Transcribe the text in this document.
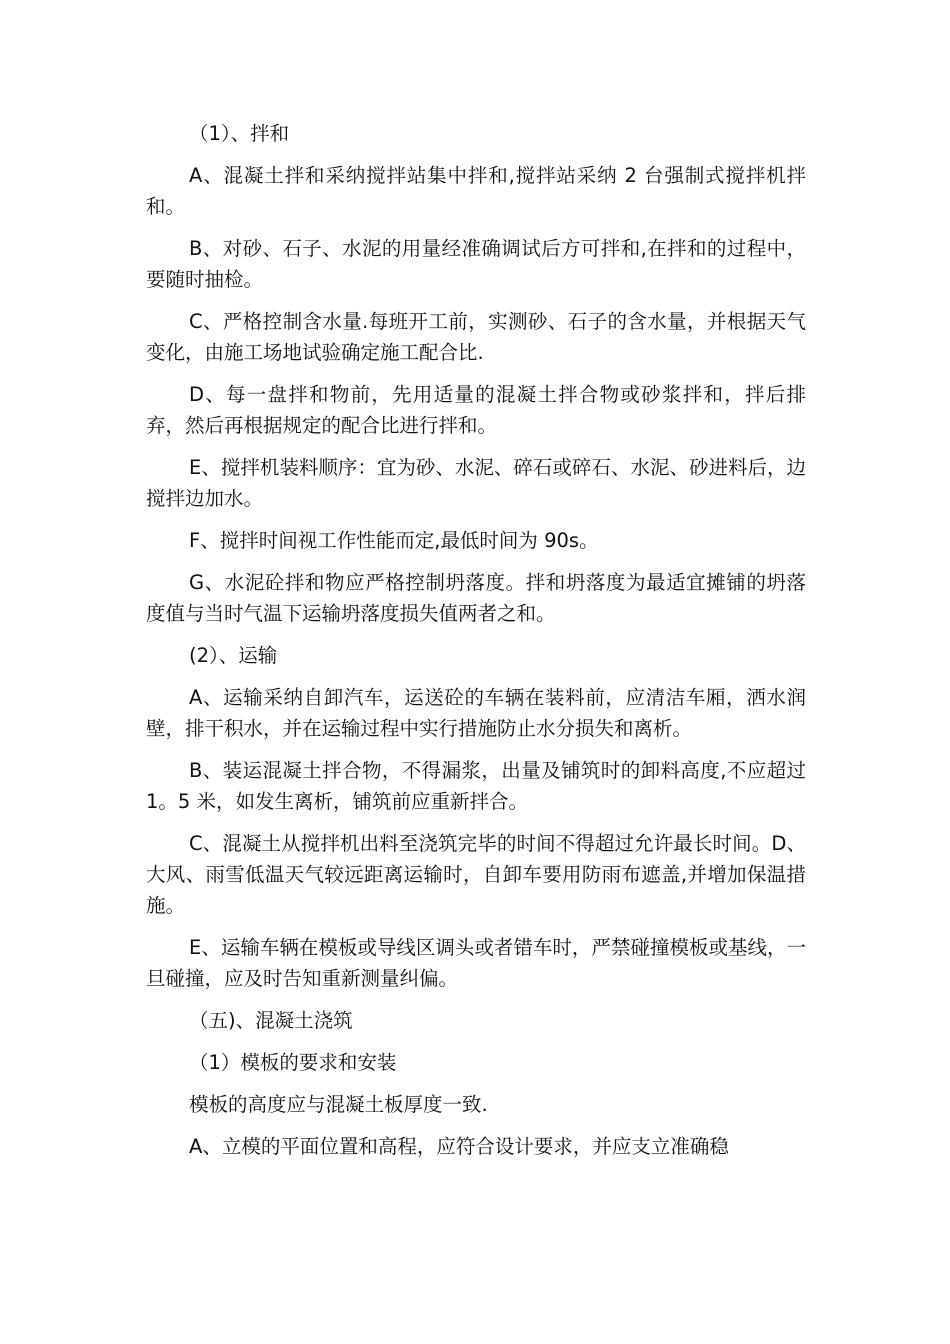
（1）、拌和

A、混凝土拌和采纳搅拌站集中拌和,搅拌站采纳 2 台强制式搅拌机拌和。

B、对砂、石子、水泥的用量经准确调试后方可拌和,在拌和的过程中，要随时抽检。

C、严格控制含水量.每班开工前，实测砂、石子的含水量，并根据天气变化，由施工场地试验确定施工配合比.

D、每一盘拌和物前，先用适量的混凝土拌合物或砂浆拌和，拌后排弃，然后再根据规定的配合比进行拌和。

E、搅拌机装料顺序：宜为砂、水泥、碎石或碎石、水泥、砂进料后，边搅拌边加水。

F、搅拌时间视工作性能而定,最低时间为 90s。

G、水泥砼拌和物应严格控制坍落度。拌和坍落度为最适宜摊铺的坍落度值与当时气温下运输坍落度损失值两者之和。

(2）、运输

A、运输采纳自卸汽车，运送砼的车辆在装料前，应清洁车厢，洒水润壁，排干积水，并在运输过程中实行措施防止水分损失和离析。

B、装运混凝土拌合物，不得漏浆，出量及铺筑时的卸料高度,不应超过 1。5 米，如发生离析，铺筑前应重新拌合。

C、混凝土从搅拌机出料至浇筑完毕的时间不得超过允许最长时间。D、大风、雨雪低温天气较远距离运输时，自卸车要用防雨布遮盖,并增加保温措施。

E、运输车辆在模板或导线区调头或者错车时，严禁碰撞模板或基线，一旦碰撞，应及时告知重新测量纠偏。

（五)、混凝土浇筑

（1）模板的要求和安装

模板的高度应与混凝土板厚度一致.

A、立模的平面位置和高程，应符合设计要求，并应支立准确稳
